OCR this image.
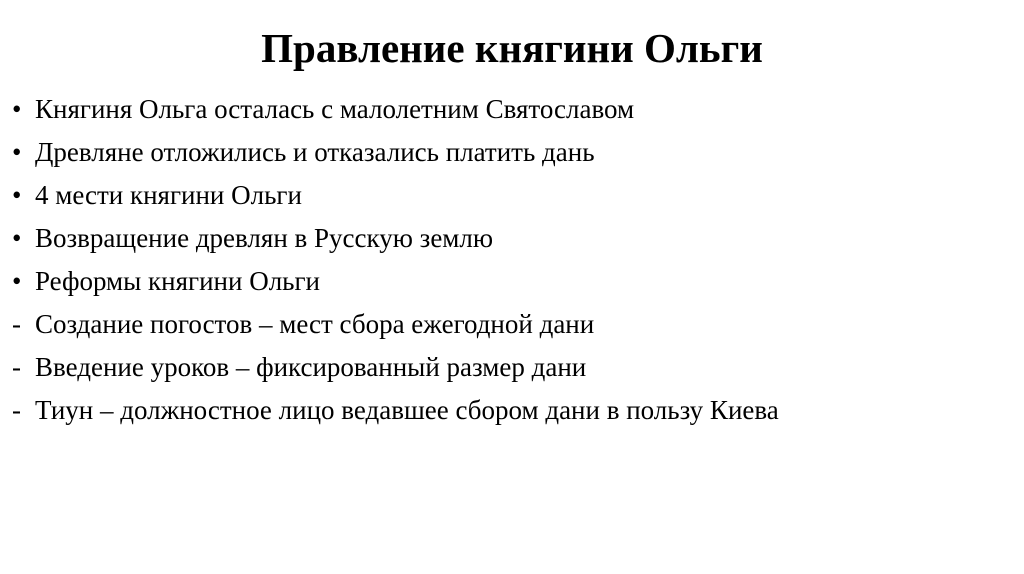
Правление княгини Ольги
• Княгиня Ольга осталась с малолетним Святославом
• Древляне отложились и отказались платить дань
• 4 мести княгини Ольги
• Возвращение древлян в Русскую землю
• Реформы княгини Ольги
- Создание погостов – мест сбора ежегодной дани
- Введение уроков – фиксированный размер дани
- Тиун – должностное лицо ведавшее сбором дани в пользу Киева
